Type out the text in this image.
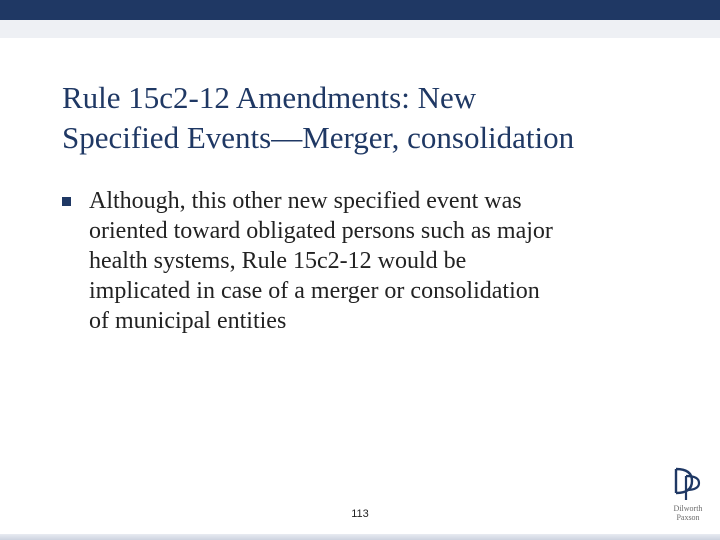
Rule 15c2-12 Amendments: New
Specified Events—Merger, consolidation
Although, this other new specified event was
oriented toward obligated persons such as major
health systems, Rule 15c2-12 would be
implicated in case of a merger or consolidation
of municipal entities
113	Dilworth
Paxson
